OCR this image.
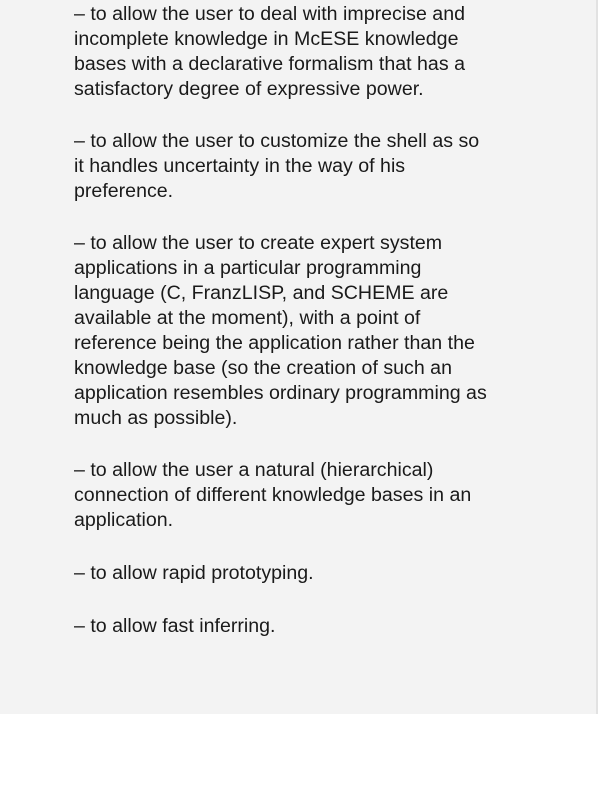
– to allow the user to deal with imprecise and
incomplete knowledge in McESE knowledge
bases with a declarative formalism that has a
satisfactory degree of expressive power.

– to allow the user to customize the shell as so
it handles uncertainty in the way of his
preference.

– to allow the user to create expert system
applications in a particular programming
language (C, FranzLISP, and SCHEME are
available at the moment), with a point of
reference being the application rather than the
knowledge base (so the creation of such an
application resembles ordinary programming as
much as possible).

– to allow the user a natural (hierarchical)
connection of different knowledge bases in an
application.

– to allow rapid prototyping.

– to allow fast inferring.
